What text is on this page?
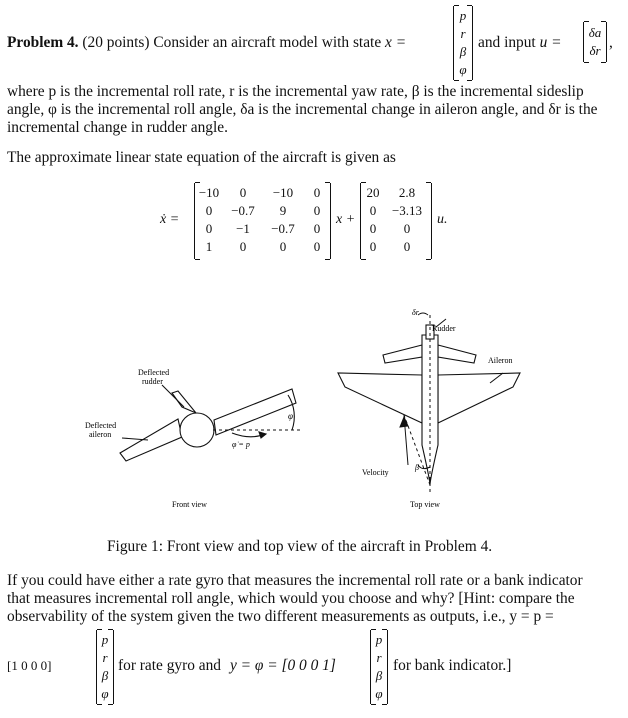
Problem 4. (20 points) Consider an aircraft model with state x =
p
r
β
φ
and input u =
δa
δr ,
where p is the incremental roll rate, r is the incremental yaw rate, β is the incremental sideslip
angle, φ is the incremental roll angle, δa is the incremental change in aileron angle, and δr is the
incremental change in rudder angle.
The approximate linear state equation of the aircraft is given as
ẋ =
−10	0	−10	0
0	−0.7	9	0
0	−1	−0.7	0
1	0	0	0
x +
20	2.8
0	−3.13
0	0
0	0
u.
Deflected
rudder
Deflected
aileron
φ
φ̇ = p
Front view
δr
Rudder
Aileron
Velocity
β
Top view
Figure 1: Front view and top view of the aircraft in Problem 4.
If you could have either a rate gyro that measures the incremental roll rate or a bank indicator
that measures incremental roll angle, which would you choose and why? [Hint: compare the
observability of the system given the two different measurements as outputs, i.e., y = p =
[1 0 0 0]
p
r
β
φ
for rate gyro and y = φ = [0 0 0 1]
p
r
β
φ
for bank indicator.]
